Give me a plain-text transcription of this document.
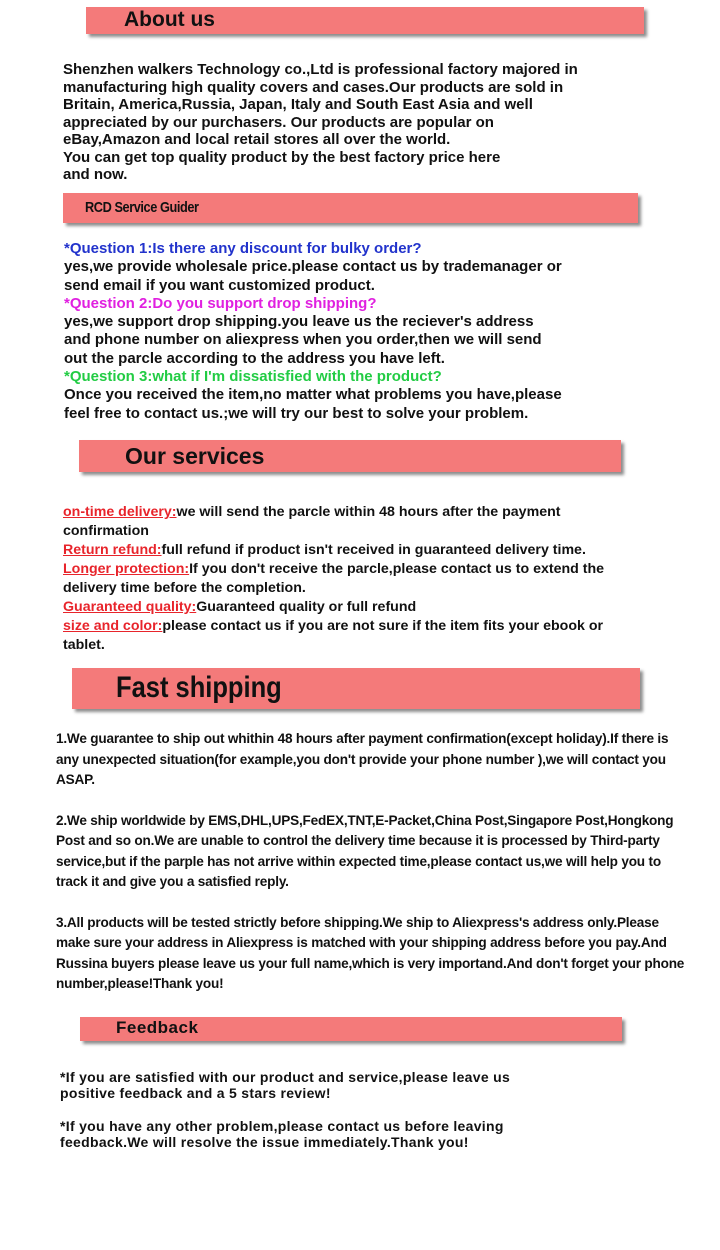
About us

Shenzhen walkers Technology co.,Ltd is professional factory majored in

manufacturing high quality covers and cases.Our products are sold in

Britain, America,Russia, Japan, Italy and South East Asia and well

appreciated by our purchasers. Our products are popular on

eBay,Amazon and local retail stores all over the world.

You can get top quality product by the best factory price here

and now.

RCD Service Guider

*Question 1:Is there any discount for bulky order?

yes,we provide wholesale price.please contact us by trademanager or

send email if you want customized product.

*Question 2:Do you support drop shipping?

yes,we support drop shipping.you leave us the reciever's address

and phone number on aliexpress when you order,then we will send

out the parcle according to the address you have left.

*Question 3:what if I'm dissatisfied with the product?

Once you received the item,no matter what problems you have,please

feel free to contact us.;we will try our best to solve your problem.

Our services

on-time delivery:we will send the parcle within 48 hours after the payment

confirmation

Return refund:full refund if product isn't received in guaranteed delivery time.

Longer protection:If you don't receive the parcle,please contact us to extend the

delivery time before the completion.

Guaranteed quality:Guaranteed quality or full refund

size and color:please contact us if you are not sure if the item fits your ebook or

tablet.

Fast shipping

1.We guarantee to ship out whithin 48 hours after payment confirmation(except holiday).If there is
any unexpected situation(for example,you don't provide your phone number ),we will contact you
ASAP.

2.We ship worldwide by EMS,DHL,UPS,FedEX,TNT,E-Packet,China Post,Singapore Post,Hongkong
Post and so on.We are unable to control the delivery time because it is processed by Third-party
service,but if the parple has not arrive within expected time,please contact us,we will help you to
track it and give you a satisfied reply.

3.All products will be tested strictly before shipping.We ship to Aliexpress's address only.Please
make sure your address in Aliexpress is matched with your shipping address before you pay.And
Russina buyers please leave us your full name,which is very importand.And don't forget your phone
number,please!Thank you!

Feedback

*If you are satisfied with our product and service,please leave us
positive feedback and a 5 stars review!

*If you have any other problem,please contact us before leaving
feedback.We will resolve the issue immediately.Thank you!
